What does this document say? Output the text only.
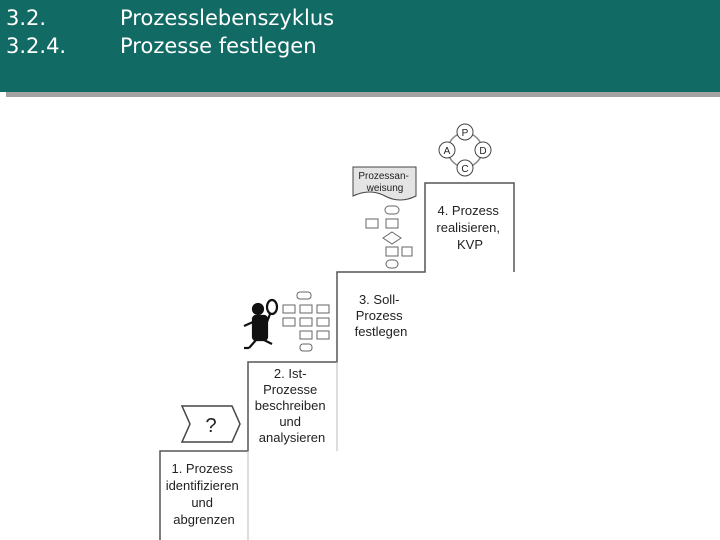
3.2.
3.2.4.
Prozesslebenszyklus
Prozesse festlegen
1. Prozess identifizieren und abgrenzen
2. Ist- Prozesse beschreiben und analysieren
3. Soll- Prozess festlegen
4. Prozess realisieren, KVP
?
Prozessan- weisung
P
D
C
A
